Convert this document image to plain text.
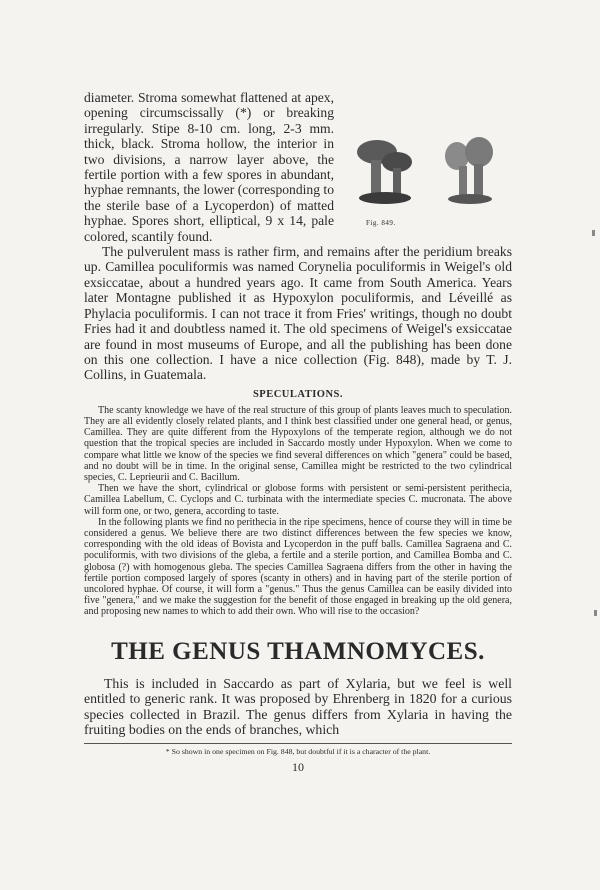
Fig. 849.

diameter. Stroma somewhat flattened at apex, opening circumscissally (*) or breaking irregularly. Stipe 8-10 cm. long, 2-3 mm. thick, black. Stroma hollow, the interior in two divisions, a narrow layer above, the fertile portion with a few spores in abundant, hyphae remnants, the lower (corresponding to the sterile base of a Lycoperdon) of matted hyphae. Spores short, elliptical, 9 x 14, pale colored, scantily found.

The pulverulent mass is rather firm, and remains after the peridium breaks up. Camillea poculiformis was named Corynelia poculiformis in Weigel's old exsiccatae, about a hundred years ago. It came from South America. Years later Montagne published it as Hypoxylon poculiformis, and Léveillé as Phylacia poculiformis. I can not trace it from Fries' writings, though no doubt Fries had it and doubtless named it. The old specimens of Weigel's exsiccatae are found in most museums of Europe, and all the publishing has been done on this one collection. I have a nice collection (Fig. 848), made by T. J. Collins, in Guatemala.

SPECULATIONS.

The scanty knowledge we have of the real structure of this group of plants leaves much to speculation. They are all evidently closely related plants, and I think best classified under one general head, or genus, Camillea. They are quite different from the Hypoxylons of the temperate region, although we do not question that the tropical species are included in Saccardo mostly under Hypoxylon. When we come to compare what little we know of the species we find several differences on which "genera" could be based, and no doubt will be in time. In the original sense, Camillea might be restricted to the two cylindrical species, C. Leprieurii and C. Bacillum.

Then we have the short, cylindrical or globose forms with persistent or semi-persistent perithecia, Camillea Labellum, C. Cyclops and C. turbinata with the intermediate species C. mucronata. The above will form one, or two, genera, according to taste.

In the following plants we find no perithecia in the ripe specimens, hence of course they will in time be considered a genus. We believe there are two distinct differences between the few species we know, corresponding with the old ideas of Bovista and Lycoperdon in the puff balls. Camillea Sagraena and C. poculiformis, with two divisions of the gleba, a fertile and a sterile portion, and Camillea Bomba and C. globosa (?) with homogenous gleba. The species Camillea Sagraena differs from the other in having the fertile portion composed largely of spores (scanty in others) and in having part of the sterile portion of uncolored hyphae. Of course, it will form a "genus." Thus the genus Camillea can be easily divided into five "genera," and we make the suggestion for the benefit of those engaged in breaking up the old genera, and proposing new names to which to add their own. Who will rise to the occasion?

THE GENUS THAMNOMYCES.

This is included in Saccardo as part of Xylaria, but we feel is well entitled to generic rank. It was proposed by Ehrenberg in 1820 for a curious species collected in Brazil. The genus differs from Xylaria in having the fruiting bodies on the ends of branches, which

* So shown in one specimen on Fig. 848, but doubtful if it is a character of the plant.
10
